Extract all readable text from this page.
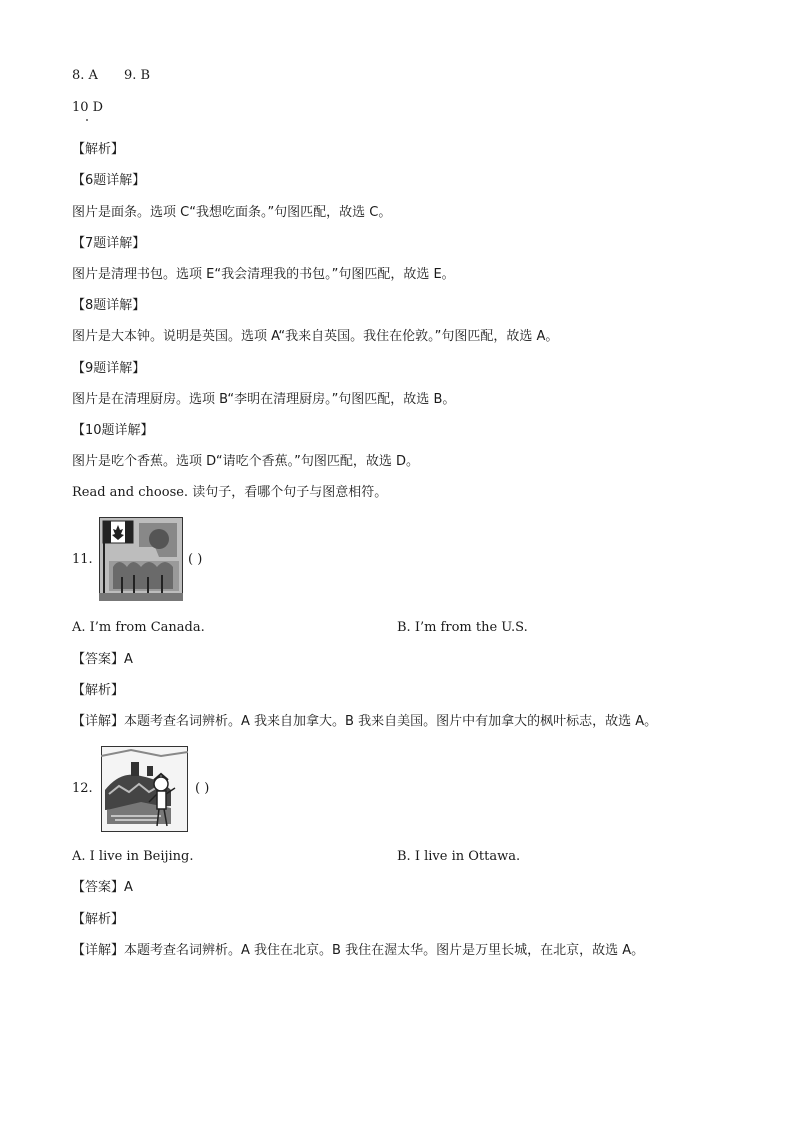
8. A 9. B
10 D
【解析】
【6题详解】
图片是面条。选项 C“我想吃面条。”句图匹配，故选 C。
【7题详解】
图片是清理书包。选项 E“我会清理我的书包。”句图匹配，故选 E。
【8题详解】
图片是大本钟。说明是英国。选项 A“我来自英国。我住在伦敦。”句图匹配，故选 A。
【9题详解】
图片是在清理厨房。选项 B“李明在清理厨房。”句图匹配，故选 B。
【10题详解】
图片是吃个香蕉。选项 D“请吃个香蕉。”句图匹配，故选 D。
Read and choose. 读句子，看哪个句子与图意相符。
11.	( )
A. I’m from Canada.	B. I’m from the U.S.
【答案】A
【解析】
【详解】本题考查名词辨析。A 我来自加拿大。B 我来自美国。图片中有加拿大的枫叶标志，故选 A。
12.	( )
A. I live in Beijing.	B. I live in Ottawa.
【答案】A
【解析】
【详解】本题考查名词辨析。A 我住在北京。B 我住在渥太华。图片是万里长城，在北京，故选 A。
